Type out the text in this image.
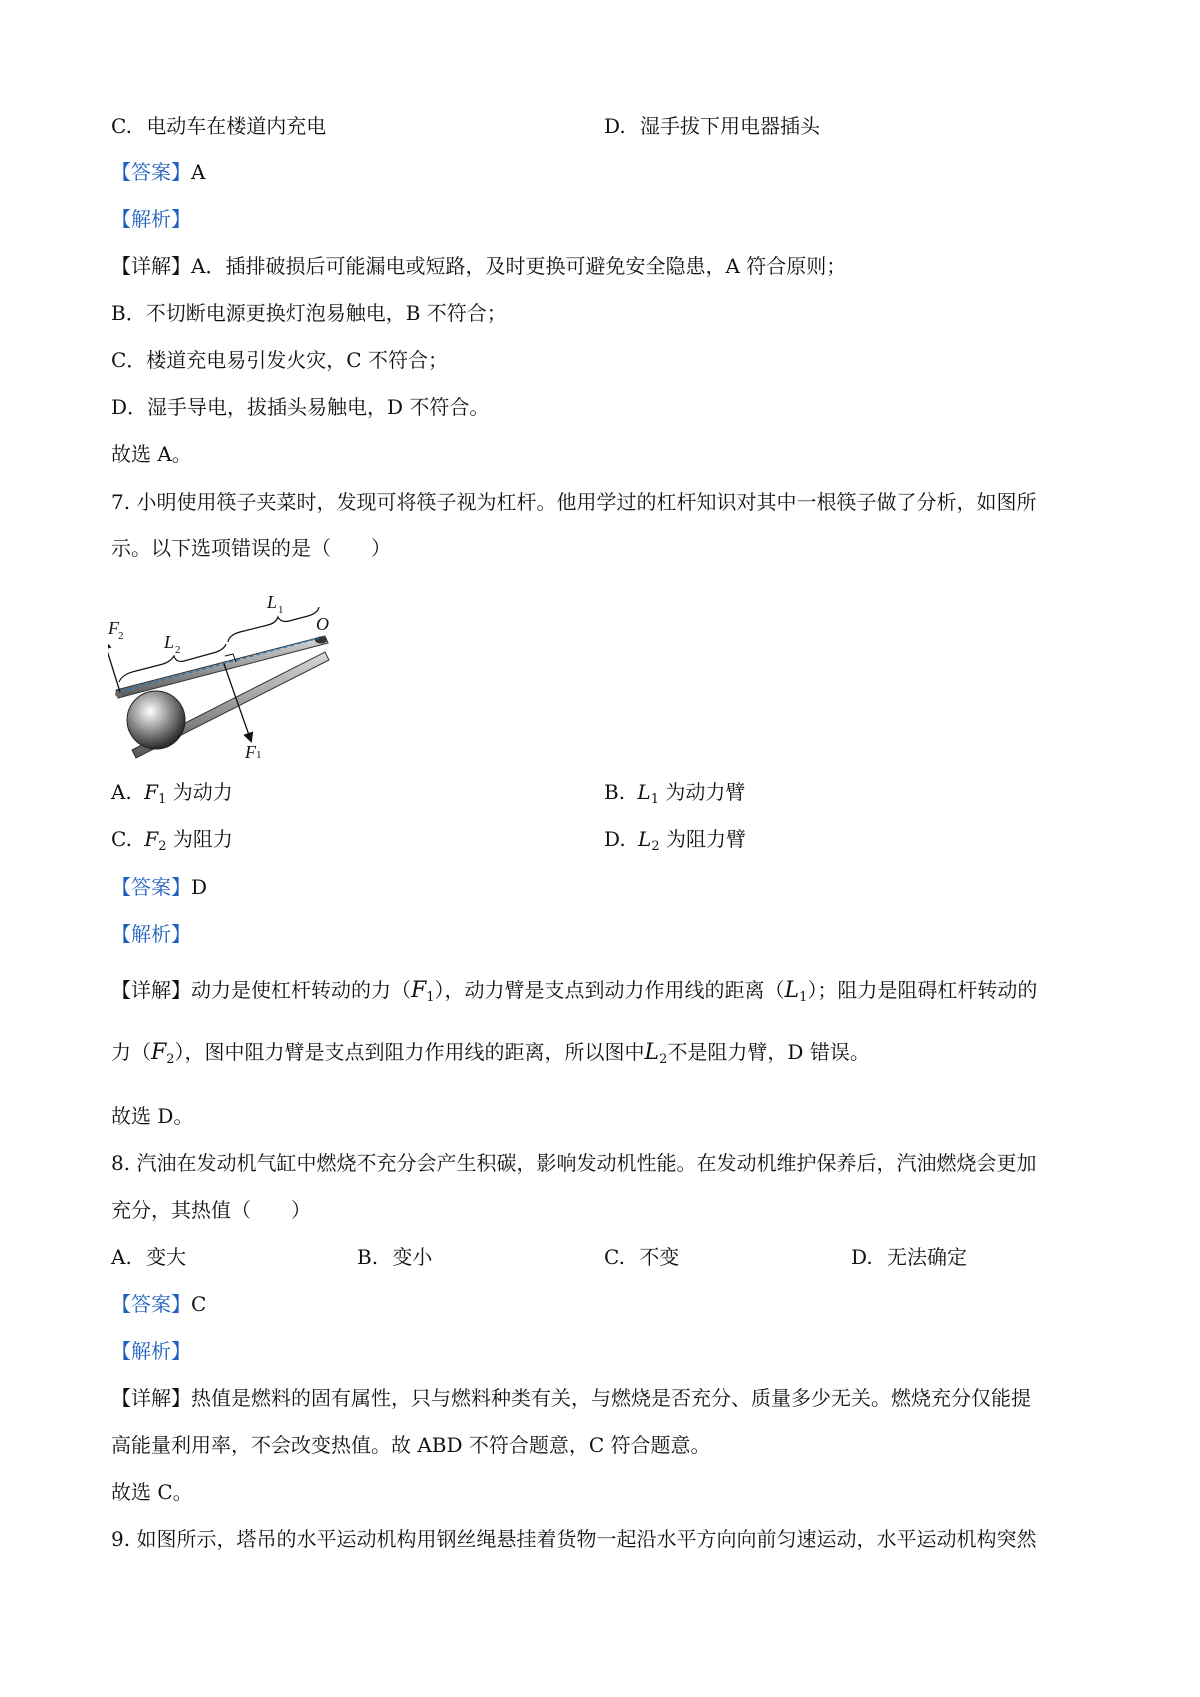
C. 电动车在楼道内充电	D. 湿手拔下用电器插头
【答案】A
【解析】
【详解】A．插排破损后可能漏电或短路，及时更换可避免安全隐患，A 符合原则；
B．不切断电源更换灯泡易触电，B 不符合；
C．楼道充电易引发火灾，C 不符合；
D．湿手导电，拔插头易触电，D 不符合。
故选 A。
7. 小明使用筷子夹菜时，发现可将筷子视为杠杆。他用学过的杠杆知识对其中一根筷子做了分析，如图所
示。以下选项错误的是（　　）
F 2 L 2
L 1
O
F 1
A. $F_1$ 为动力	B. $L_1$ 为动力臂
C. $F_2$ 为阻力	D. $L_2$ 为阻力臂
【答案】D
【解析】
【详解】动力是使杠杆转动的力$(F_1)$，动力臂是支点到动力作用线的距离$(L_1)$；阻力是阻碍杠杆转动的
力$(F_2)$，图中阻力臂是支点到阻力作用线的距离，所以图中$L_2$不是阻力臂，D 错误。
故选 D。
8. 汽油在发动机气缸中燃烧不充分会产生积碳，影响发动机性能。在发动机维护保养后，汽油燃烧会更加
充分，其热值（　　）
A. 变大	B. 变小	C. 不变	D. 无法确定
【答案】C
【解析】
【详解】热值是燃料的固有属性，只与燃料种类有关，与燃烧是否充分、质量多少无关。燃烧充分仅能提
高能量利用率，不会改变热值。故 ABD 不符合题意，C 符合题意。
故选 C。
9. 如图所示，塔吊的水平运动机构用钢丝绳悬挂着货物一起沿水平方向向前匀速运动，水平运动机构突然
